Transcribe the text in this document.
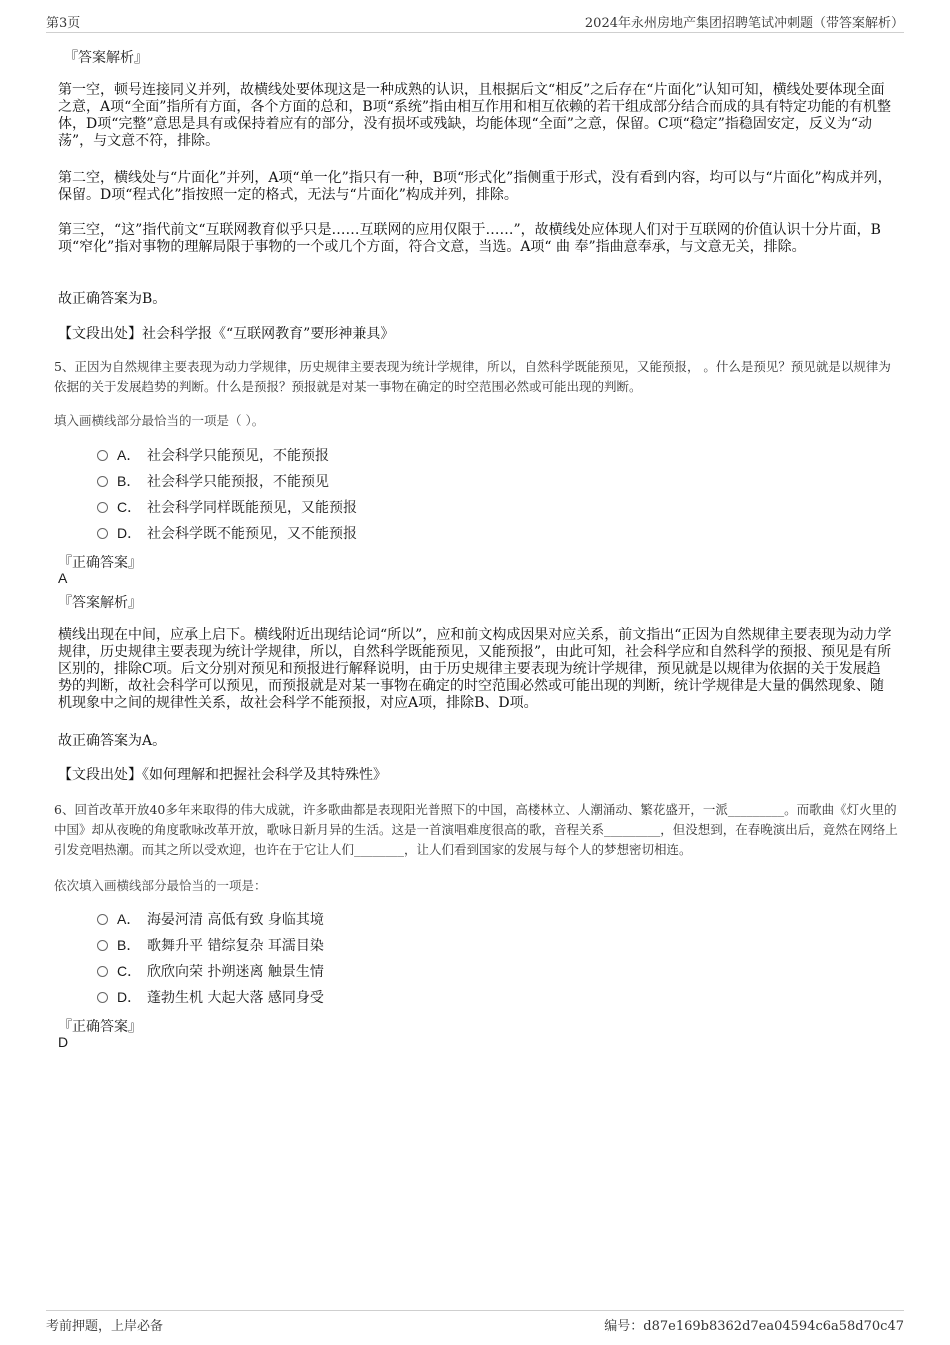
第3页	2024年永州房地产集团招聘笔试冲刺题（带答案解析）
『答案解析』
第一空，顿号连接同义并列，故横线处要体现这是一种成熟的认识，且根据后文“相反”之后存在“片面化”认知可知，横线处要体现全面之意，A项“全面”指所有方面，各个方面的总和，B项“系统”指由相互作用和相互依赖的若干组成部分结合而成的具有特定功能的有机整体，D项“完整”意思是具有或保持着应有的部分，没有损坏或残缺，均能体现“全面”之意，保留。C项“稳定”指稳固安定，反义为“动荡”，与文意不符，排除。
第二空，横线处与“片面化”并列，A项“单一化”指只有一种，B项“形式化”指侧重于形式，没有看到内容，均可以与“片面化”构成并列，保留。D项“程式化”指按照一定的格式，无法与“片面化”构成并列，排除。
第三空，“这”指代前文“互联网教育似乎只是……互联网的应用仅限于……”，故横线处应体现人们对于互联网的价值认识十分片面，B项“窄化”指对事物的理解局限于事物的一个或几个方面，符合文意，当选。A项“ 曲 奉”指曲意奉承，与文意无关，排除。
故正确答案为B。
【文段出处】社会科学报《“互联网教育”要形神兼具》
5、正因为自然规律主要表现为动力学规律，历史规律主要表现为统计学规律，所以，自然科学既能预见，又能预报， 。什么是预见？预见就是以规律为依据的关于发展趋势的判断。什么是预报？预报就是对某一事物在确定的时空范围必然或可能出现的判断。
填入画横线部分最恰当的一项是（ ）。
A． 社会科学只能预见，不能预报
B． 社会科学只能预报，不能预见
C． 社会科学同样既能预见，又能预报
D． 社会科学既不能预见，又不能预报
『正确答案』
A
『答案解析』
横线出现在中间，应承上启下。横线附近出现结论词“所以”，应和前文构成因果对应关系，前文指出“正因为自然规律主要表现为动力学规律，历史规律主要表现为统计学规律，所以，自然科学既能预见，又能预报”，由此可知，社会科学应和自然科学的预报、预见是有所区别的，排除C项。后文分别对预见和预报进行解释说明，由于历史规律主要表现为统计学规律，预见就是以规律为依据的关于发展趋势的判断，故社会科学可以预见，而预报就是对某一事物在确定的时空范围必然或可能出现的判断，统计学规律是大量的偶然现象、随机现象中之间的规律性关系，故社会科学不能预报，对应A项，排除B、D项。
故正确答案为A。
【文段出处】《如何理解和把握社会科学及其特殊性》
6、回首改革开放40多年来取得的伟大成就，许多歌曲都是表现阳光普照下的中国，高楼林立、人潮涌动、繁花盛开，一派_________。而歌曲《灯火里的中国》却从夜晚的角度歌咏改革开放，歌咏日新月异的生活。这是一首演唱难度很高的歌，音程关系_________，但没想到，在春晚演出后，竟然在网络上引发竞唱热潮。而其之所以受欢迎，也许在于它让人们________，让人们看到国家的发展与每个人的梦想密切相连。
依次填入画横线部分最恰当的一项是：
A． 海晏河清 高低有致 身临其境
B． 歌舞升平 错综复杂 耳濡目染
C． 欣欣向荣 扑朔迷离 触景生情
D． 蓬勃生机 大起大落 感同身受
『正确答案』
D
考前押题，上岸必备	编号：d87e169b8362d7ea04594c6a58d70c47
